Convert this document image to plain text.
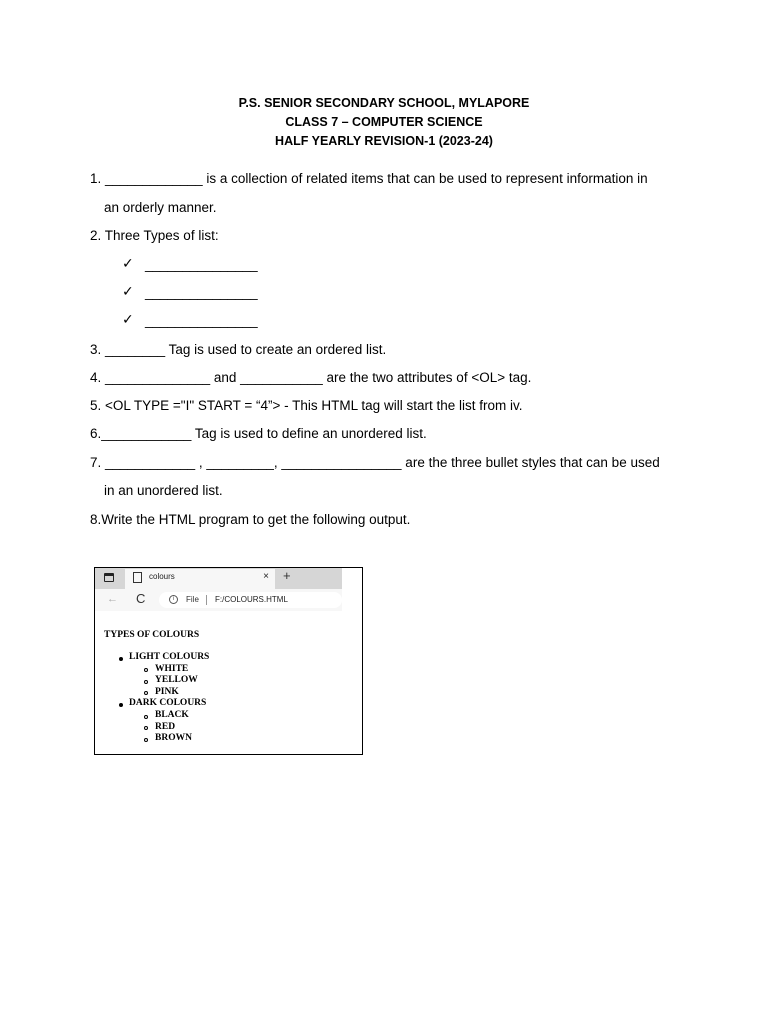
P.S. SENIOR SECONDARY SCHOOL, MYLAPORE
CLASS 7 – COMPUTER SCIENCE
HALF YEARLY REVISION-1 (2023-24)
1. _____________ is a collection of related items that can be used to represent information in
an orderly manner.
2. Three Types of list:
✓ _______________
✓ _______________
✓ _______________
3. ________ Tag is used to create an ordered list.
4. ______________ and ___________ are the two attributes of <OL> tag.
5. <OL TYPE ="I" START = “4”> - This HTML tag will start the list from iv.
6.____________ Tag is used to define an unordered list.
7. ____________ , _________, ________________ are the three bullet styles that can be used
in an unordered list.
8.Write the HTML program to get the following output.
colours	× +
← C	i	File F:/COLOURS.HTML
TYPES OF COLOURS
LIGHT COLOURS
WHITE
YELLOW
PINK
DARK COLOURS
BLACK
RED
BROWN
